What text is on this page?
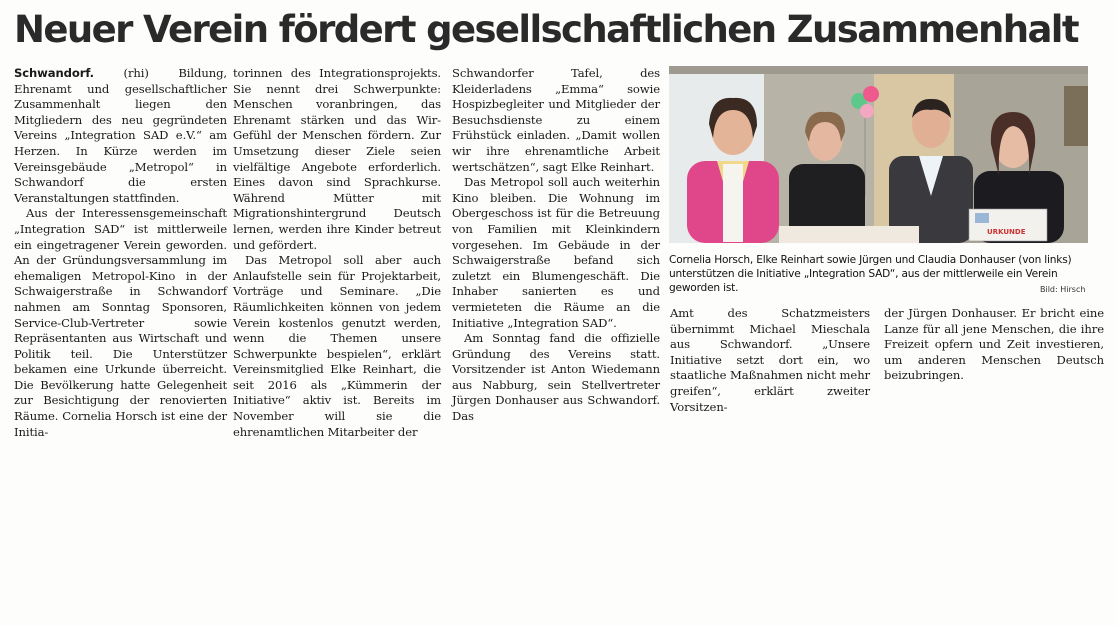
Neuer Verein fördert gesellschaftlichen Zusammenhalt

Schwandorf. (rhi) Bildung, Ehrenamt und gesellschaftlicher Zusammenhalt liegen den Mitgliedern des neu gegründeten Vereins „Integration SAD e.V.“ am Herzen. In Kürze werden im Vereinsgebäude „Metropol“ in Schwandorf die ersten Veranstaltungen stattfinden.

Aus der Interessensgemeinschaft „Integration SAD“ ist mittlerweile ein eingetragener Verein geworden. An der Gründungsversammlung im ehemaligen Metropol-Kino in der Schwaigerstraße in Schwandorf nahmen am Sonntag Sponsoren, Service-Club-Vertreter sowie Repräsentanten aus Wirtschaft und Politik teil. Die Unterstützer bekamen eine Urkunde überreicht. Die Bevölkerung hatte Gelegenheit zur Besichtigung der renovierten Räume. Cornelia Horsch ist eine der Initia-

torinnen des Integrationsprojekts. Sie nennt drei Schwerpunkte: Menschen voranbringen, das Ehrenamt stärken und das Wir-Gefühl der Menschen fördern. Zur Umsetzung dieser Ziele seien vielfältige Angebote erforderlich. Eines davon sind Sprachkurse. Während Mütter mit Migrationshintergrund Deutsch lernen, werden ihre Kinder betreut und gefördert.

Das Metropol soll aber auch Anlaufstelle sein für Projektarbeit, Vorträge und Seminare. „Die Räumlichkeiten können von jedem Verein kostenlos genutzt werden, wenn die Themen unsere Schwerpunkte bespielen“, erklärt Vereinsmitglied Elke Reinhart, die seit 2016 als „Kümmerin der Initiative“ aktiv ist. Bereits im November will sie die ehrenamtlichen Mitarbeiter der

Schwandorfer Tafel, des Kleiderladens „Emma“ sowie Hospizbegleiter und Mitglieder der Besuchsdienste zu einem Frühstück einladen. „Damit wollen wir ihre ehrenamtliche Arbeit wertschätzen“, sagt Elke Reinhart.

Das Metropol soll auch weiterhin Kino bleiben. Die Wohnung im Obergeschoss ist für die Betreuung von Familien mit Kleinkindern vorgesehen. Im Gebäude in der Schwaigerstraße befand sich zuletzt ein Blumengeschäft. Die Inhaber sanierten es und vermieteten die Räume an die Initiative „Integration SAD“.

Am Sonntag fand die offizielle Gründung des Vereins statt. Vorsitzender ist Anton Wiedemann aus Nabburg, sein Stellvertreter Jürgen Donhauser aus Schwandorf. Das

URKUNDE
Cornelia Horsch, Elke Reinhart sowie Jürgen und Claudia Donhauser (von links) unterstützen die Initiative „Integration SAD“, aus der mittlerweile ein Verein geworden ist.	Bild: Hirsch

Amt des Schatzmeisters übernimmt Michael Mieschala aus Schwandorf. „Unsere Initiative setzt dort ein, wo staatliche Maßnahmen nicht mehr greifen“, erklärt zweiter Vorsitzen-

der Jürgen Donhauser. Er bricht eine Lanze für all jene Menschen, die ihre Freizeit opfern und Zeit investieren, um anderen Menschen Deutsch beizubringen.
